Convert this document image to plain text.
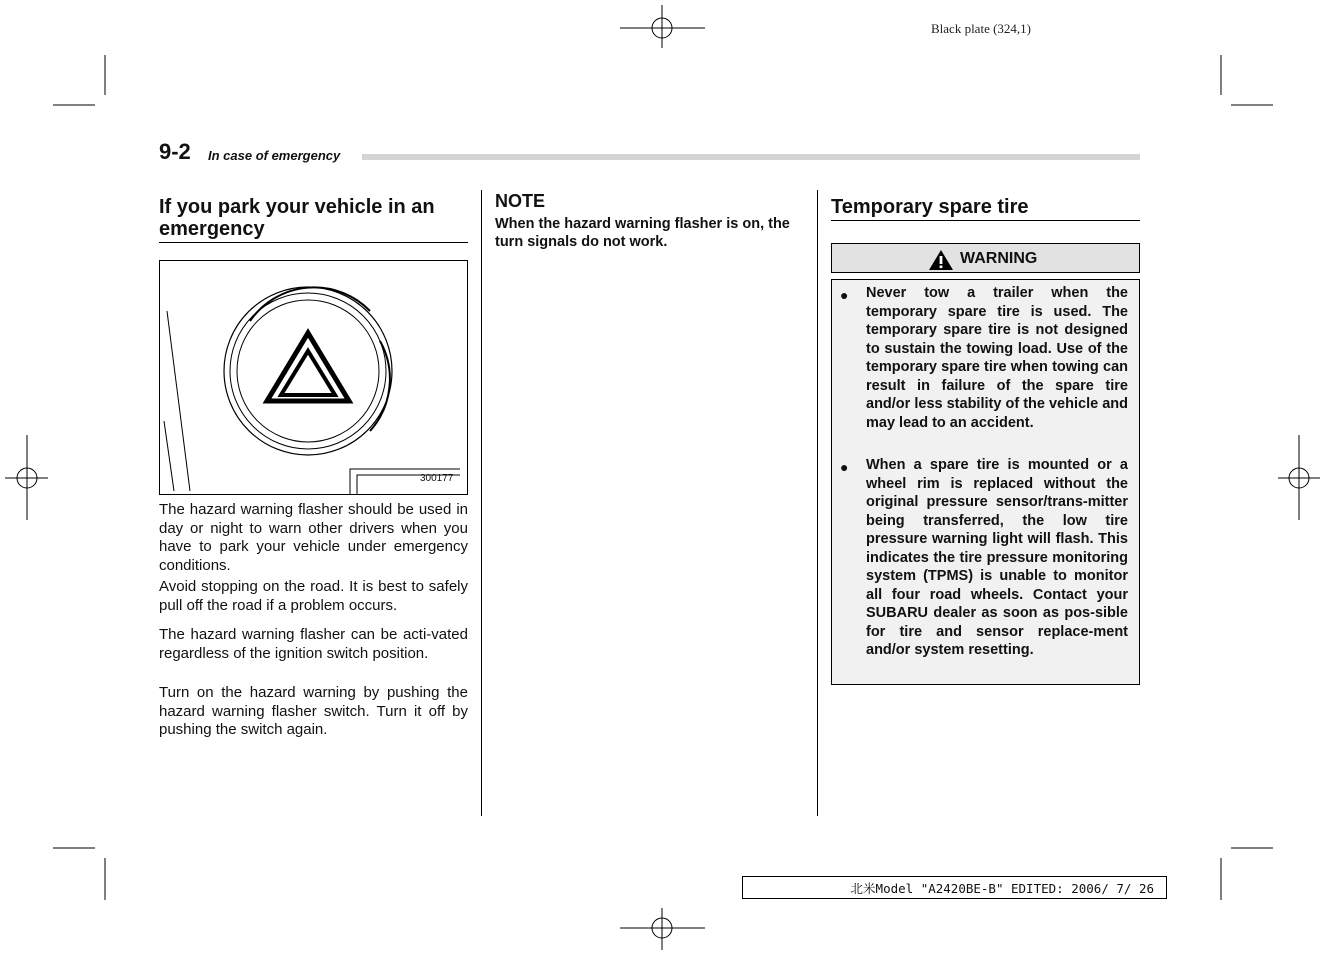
Black plate (324,1)
9-2 In case of emergency
If you park your vehicle in an emergency
300177

The hazard warning flasher should be used in day or night to warn other drivers when you have to park your vehicle under emergency conditions.

Avoid stopping on the road. It is best to safely pull off the road if a problem occurs.

The hazard warning flasher can be acti-vated regardless of the ignition switch position.

Turn on the hazard warning by pushing the hazard warning flasher switch. Turn it off by pushing the switch again.

NOTE

When the hazard warning flasher is on, the turn signals do not work.

Temporary spare tire
WARNING
● Never tow a trailer when the temporary spare tire is used. The temporary spare tire is not designed to sustain the towing load. Use of the temporary spare tire when towing can result in failure of the spare tire and/or less stability of the vehicle and may lead to an accident.

● When a spare tire is mounted or a wheel rim is replaced without the original pressure sensor/trans-mitter being transferred, the low tire pressure warning light will flash. This indicates the tire pressure monitoring system (TPMS) is unable to monitor all four road wheels. Contact your SUBARU dealer as soon as pos-sible for tire and sensor replace-ment and/or system resetting.

北米Model "A2420BE-B" EDITED: 2006/ 7/ 26
